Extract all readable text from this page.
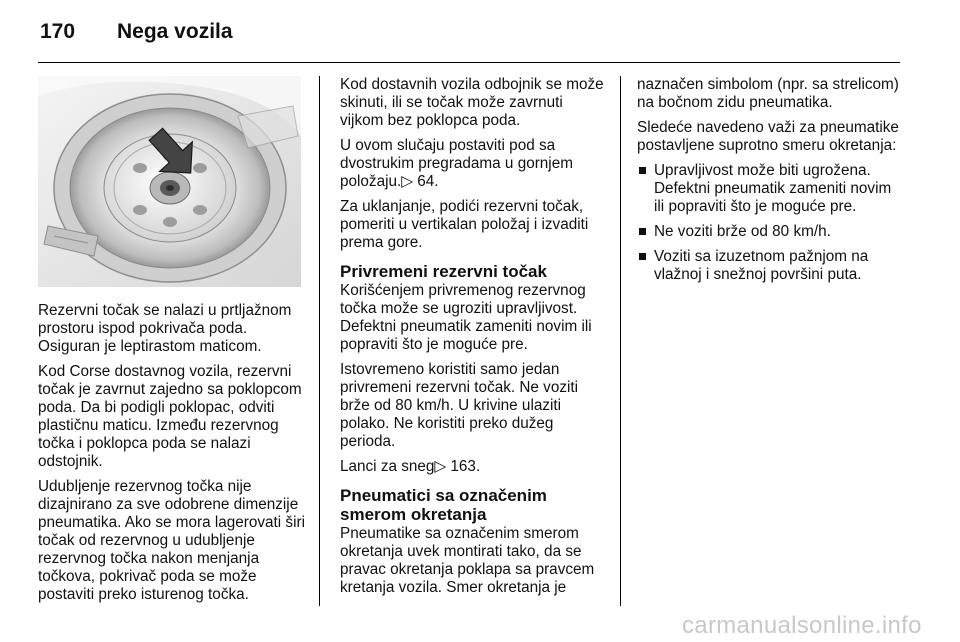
170 Nega vozila

Rezervni točak se nalazi u prtljažnom prostoru ispod pokrivača poda. Osiguran je leptirastom maticom.

Kod Corse dostavnog vozila, rezervni točak je zavrnut zajedno sa poklopcom poda. Da bi podigli poklopac, odviti plastičnu maticu. Između rezervnog točka i poklopca poda se nalazi odstojnik.

Udubljenje rezervnog točka nije dizajnirano za sve odobrene dimenzije pneumatika. Ako se mora lagerovati širi točak od rezervnog u udubljenje rezervnog točka nakon menjanja točkova, pokrivač poda se može postaviti preko isturenog točka.

Kod dostavnih vozila odbojnik se može skinuti, ili se točak može zavrnuti vijkom bez poklopca poda.

U ovom slučaju postaviti pod sa dvostrukim pregradama u gornjem položaju.▷ 64.

Za uklanjanje, podići rezervni točak, pomeriti u vertikalan položaj i izvaditi prema gore.

Privremeni rezervni točak

Korišćenjem privremenog rezervnog točka može se ugroziti upravljivost. Defektni pneumatik zameniti novim ili popraviti što je moguće pre.

Istovremeno koristiti samo jedan privremeni rezervni točak. Ne voziti brže od 80 km/h. U krivine ulaziti polako. Ne koristiti preko dužeg perioda.

Lanci za sneg▷ 163.

Pneumatici sa označenim smerom okretanja

Pneumatike sa označenim smerom okretanja uvek montirati tako, da se pravac okretanja poklapa sa pravcem kretanja vozila. Smer okretanja je

naznačen simbolom (npr. sa strelicom) na bočnom zidu pneumatika.

Sledeće navedeno važi za pneumatike postavljene suprotno smeru okretanja:

Upravljivost može biti ugrožena. Defektni pneumatik zameniti novim ili popraviti što je moguće pre.
Ne voziti brže od 80 km/h.
Voziti sa izuzetnom pažnjom na vlažnoj i snežnoj površini puta.
carmanualsonline.info
